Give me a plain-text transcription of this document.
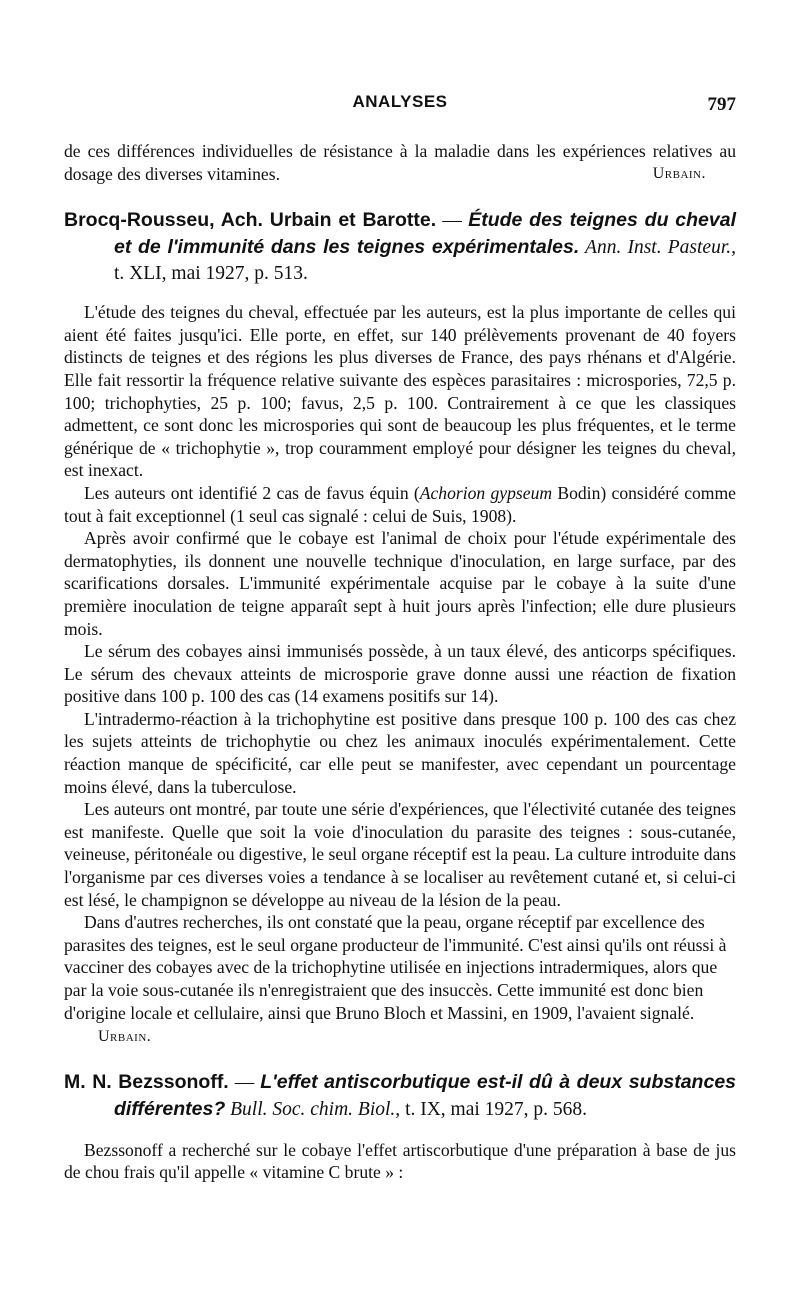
ANALYSES	797

de ces différences individuelles de résistance à la maladie dans les expériences relatives au dosage des diverses vitamines.	Urbain.

Brocq-Rousseu, Ach. Urbain et Barotte. — Étude des teignes du cheval et de l'immunité dans les teignes expérimentales. Ann. Inst. Pasteur., t. XLI, mai 1927, p. 513.

L'étude des teignes du cheval, effectuée par les auteurs, est la plus importante de celles qui aient été faites jusqu'ici. Elle porte, en effet, sur 140 prélèvements provenant de 40 foyers distincts de teignes et des régions les plus diverses de France, des pays rhénans et d'Algérie. Elle fait ressortir la fréquence relative suivante des espèces parasitaires : microspories, 72,5 p. 100; trichophyties, 25 p. 100; favus, 2,5 p. 100. Contrairement à ce que les classiques admettent, ce sont donc les microspories qui sont de beaucoup les plus fréquentes, et le terme générique de « trichophytie », trop couramment employé pour désigner les teignes du cheval, est inexact.

Les auteurs ont identifié 2 cas de favus équin (Achorion gypseum Bodin) considéré comme tout à fait exceptionnel (1 seul cas signalé : celui de Suis, 1908).

Après avoir confirmé que le cobaye est l'animal de choix pour l'étude expérimentale des dermatophyties, ils donnent une nouvelle technique d'inoculation, en large surface, par des scarifications dorsales. L'immunité expérimentale acquise par le cobaye à la suite d'une première inoculation de teigne apparaît sept à huit jours après l'infection; elle dure plusieurs mois.

Le sérum des cobayes ainsi immunisés possède, à un taux élevé, des anticorps spécifiques. Le sérum des chevaux atteints de microsporie grave donne aussi une réaction de fixation positive dans 100 p. 100 des cas (14 examens positifs sur 14).

L'intradermo-réaction à la trichophytine est positive dans presque 100 p. 100 des cas chez les sujets atteints de trichophytie ou chez les animaux inoculés expérimentalement. Cette réaction manque de spécificité, car elle peut se manifester, avec cependant un pourcentage moins élevé, dans la tuberculose.

Les auteurs ont montré, par toute une série d'expériences, que l'électivité cutanée des teignes est manifeste. Quelle que soit la voie d'inoculation du parasite des teignes : sous-cutanée, veineuse, péritonéale ou digestive, le seul organe réceptif est la peau. La culture introduite dans l'organisme par ces diverses voies a tendance à se localiser au revêtement cutané et, si celui-ci est lésé, le champignon se développe au niveau de la lésion de la peau.

Dans d'autres recherches, ils ont constaté que la peau, organe réceptif par excellence des parasites des teignes, est le seul organe producteur de l'immunité. C'est ainsi qu'ils ont réussi à vacciner des cobayes avec de la trichophytine utilisée en injections intradermiques, alors que par la voie sous-cutanée ils n'enregistraient que des insuccès. Cette immunité est donc bien d'origine locale et cellulaire, ainsi que Bruno Bloch et Massini, en 1909, l'avaient signalé.Urbain.

M. N. Bezssonoff. — L'effet antiscorbutique est-il dû à deux substances différentes? Bull. Soc. chim. Biol., t. IX, mai 1927, p. 568.

Bezssonoff a recherché sur le cobaye l'effet artiscorbutique d'une préparation à base de jus de chou frais qu'il appelle « vitamine C brute » :
